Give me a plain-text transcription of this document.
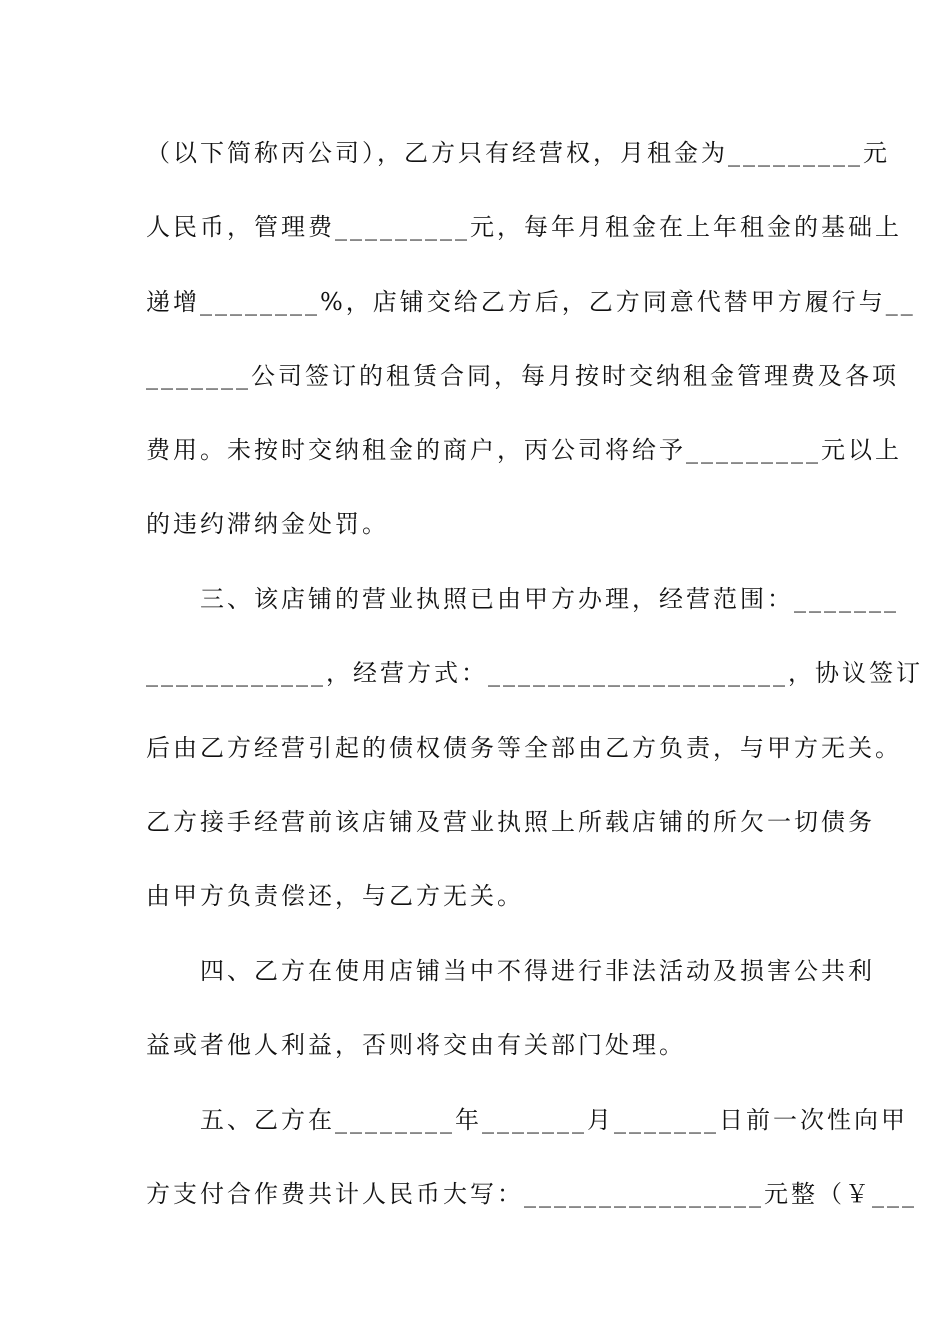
（以下简称丙公司），乙方只有经营权，月租金为_________元
人民币，管理费_________元，每年月租金在上年租金的基础上
递增________%，店铺交给乙方后，乙方同意代替甲方履行与__
_______公司签订的租赁合同，每月按时交纳租金管理费及各项
费用。未按时交纳租金的商户，丙公司将给予_________元以上
的违约滞纳金处罚。
　　三、该店铺的营业执照已由甲方办理，经营范围：_______
____________，经营方式：____________________，协议签订
后由乙方经营引起的债权债务等全部由乙方负责，与甲方无关。
乙方接手经营前该店铺及营业执照上所载店铺的所欠一切债务
由甲方负责偿还，与乙方无关。
　　四、乙方在使用店铺当中不得进行非法活动及损害公共利
益或者他人利益，否则将交由有关部门处理。
　　五、乙方在________年_______月_______日前一次性向甲
方支付合作费共计人民币大写：________________元整（￥___
